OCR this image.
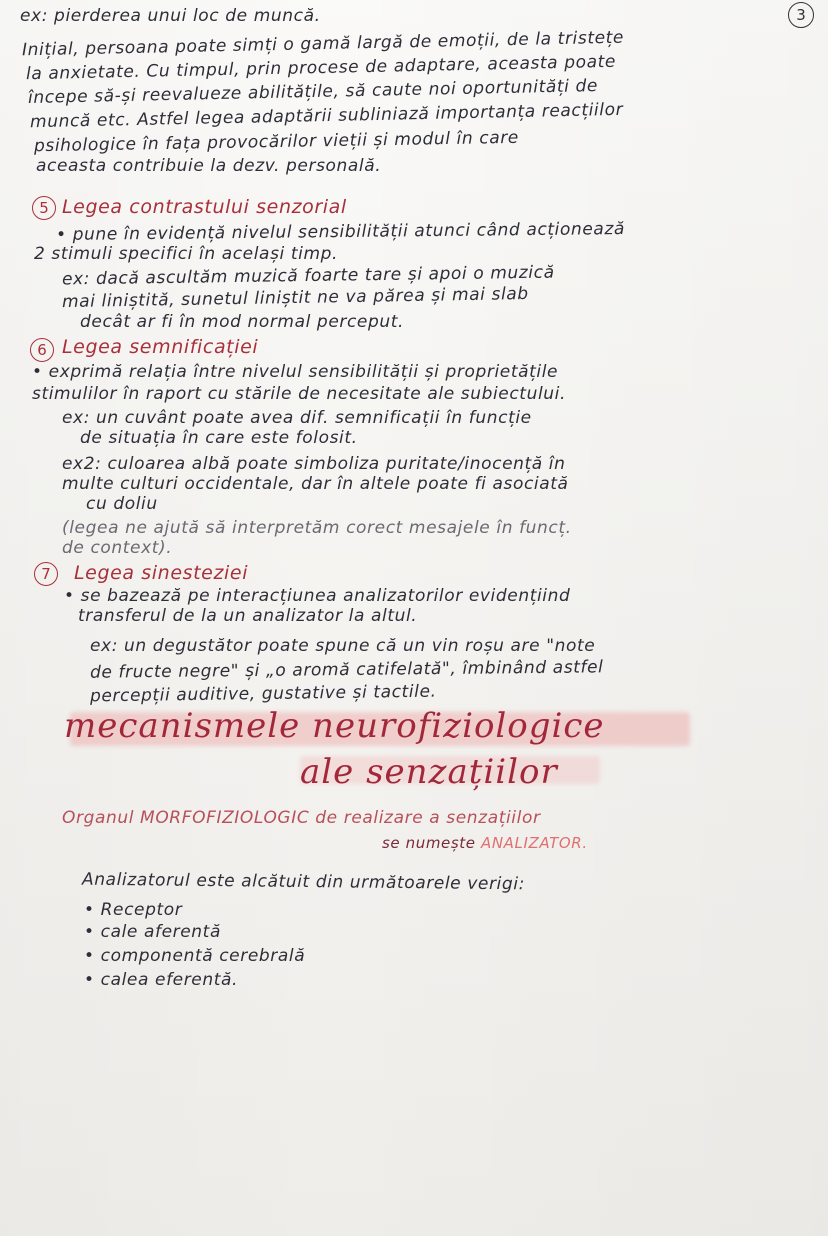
3
ex: pierderea unui loc de muncă.
Inițial, persoana poate simți o gamă largă de emoții, de la tristețe
la anxietate. Cu timpul, prin procese de adaptare, aceasta poate
începe să-și reevalueze abilitățile, să caute noi oportunități de
muncă etc. Astfel legea adaptării subliniază importanța reacțiilor
psihologice în fața provocărilor vieții și modul în care
aceasta contribuie la dezv. personală.
5 Legea contrastului senzorial
• pune în evidență nivelul sensibilității atunci când acționează
2 stimuli specifici în același timp.
ex: dacă ascultăm muzică foarte tare și apoi o muzică
mai liniștită, sunetul liniștit ne va părea și mai slab
decât ar fi în mod normal perceput.
6 Legea semnificației
• exprimă relația între nivelul sensibilității și proprietățile
stimulilor în raport cu stările de necesitate ale subiectului.
ex: un cuvânt poate avea dif. semnificații în funcție
de situația în care este folosit.
ex2: culoarea albă poate simboliza puritate/inocență în
multe culturi occidentale, dar în altele poate fi asociată
cu doliu
(legea ne ajută să interpretăm corect mesajele în funcț.
de context).
7	Legea sinesteziei
• se bazează pe interacțiunea analizatorilor evidențiind
transferul de la un analizator la altul.
ex: un degustător poate spune că un vin roșu are "note
de fructe negre" și „o aromă catifelată", îmbinând astfel
percepții auditive, gustative și tactile.
mecanismele neurofiziologice
ale senzațiilor
Organul MORFOFIZIOLOGIC de realizare a senzațiilor
se numește ANALIZATOR.
Analizatorul este alcătuit din următoarele verigi:
• Receptor
• cale aferentă
• componentă cerebrală
• calea eferentă.
